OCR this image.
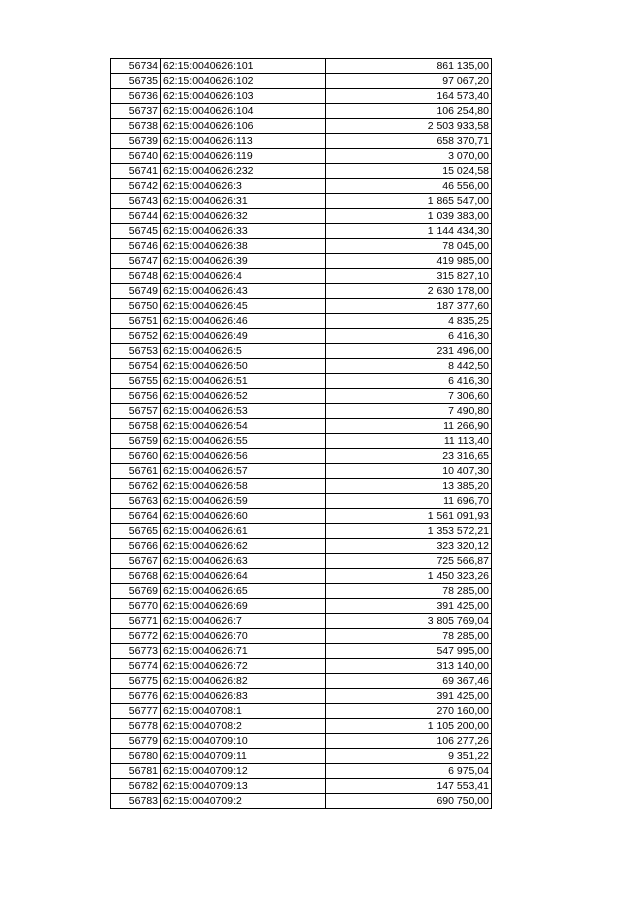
56734	62:15:0040626:101	861 135,00
56735	62:15:0040626:102	97 067,20
56736	62:15:0040626:103	164 573,40
56737	62:15:0040626:104	106 254,80
56738	62:15:0040626:106	2 503 933,58
56739	62:15:0040626:113	658 370,71
56740	62:15:0040626:119	3 070,00
56741	62:15:0040626:232	15 024,58
56742	62:15:0040626:3	46 556,00
56743	62:15:0040626:31	1 865 547,00
56744	62:15:0040626:32	1 039 383,00
56745	62:15:0040626:33	1 144 434,30
56746	62:15:0040626:38	78 045,00
56747	62:15:0040626:39	419 985,00
56748	62:15:0040626:4	315 827,10
56749	62:15:0040626:43	2 630 178,00
56750	62:15:0040626:45	187 377,60
56751	62:15:0040626:46	4 835,25
56752	62:15:0040626:49	6 416,30
56753	62:15:0040626:5	231 496,00
56754	62:15:0040626:50	8 442,50
56755	62:15:0040626:51	6 416,30
56756	62:15:0040626:52	7 306,60
56757	62:15:0040626:53	7 490,80
56758	62:15:0040626:54	11 266,90
56759	62:15:0040626:55	11 113,40
56760	62:15:0040626:56	23 316,65
56761	62:15:0040626:57	10 407,30
56762	62:15:0040626:58	13 385,20
56763	62:15:0040626:59	11 696,70
56764	62:15:0040626:60	1 561 091,93
56765	62:15:0040626:61	1 353 572,21
56766	62:15:0040626:62	323 320,12
56767	62:15:0040626:63	725 566,87
56768	62:15:0040626:64	1 450 323,26
56769	62:15:0040626:65	78 285,00
56770	62:15:0040626:69	391 425,00
56771	62:15:0040626:7	3 805 769,04
56772	62:15:0040626:70	78 285,00
56773	62:15:0040626:71	547 995,00
56774	62:15:0040626:72	313 140,00
56775	62:15:0040626:82	69 367,46
56776	62:15:0040626:83	391 425,00
56777	62:15:0040708:1	270 160,00
56778	62:15:0040708:2	1 105 200,00
56779	62:15:0040709:10	106 277,26
56780	62:15:0040709:11	9 351,22
56781	62:15:0040709:12	6 975,04
56782	62:15:0040709:13	147 553,41
56783	62:15:0040709:2	690 750,00
